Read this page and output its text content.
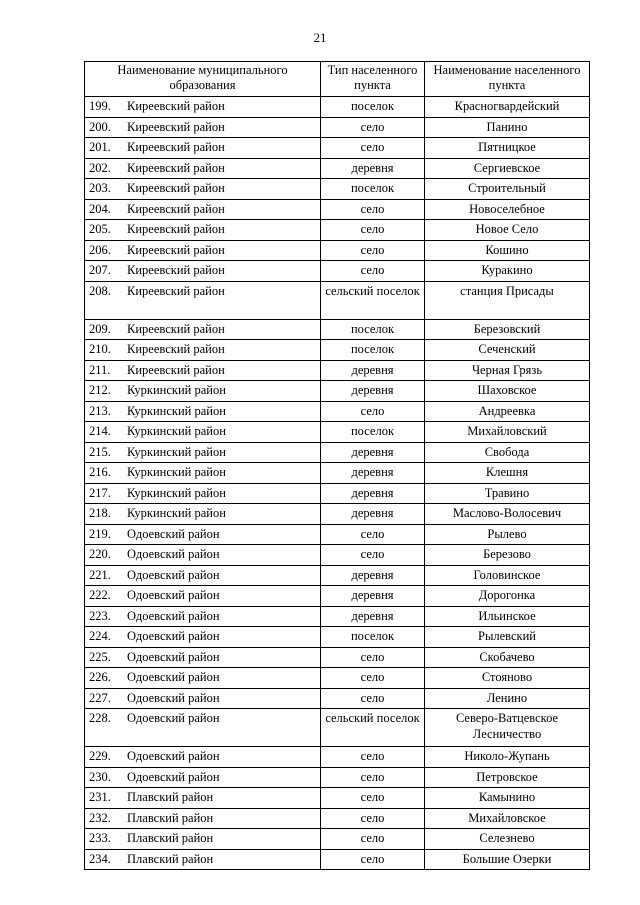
21
Наименование муниципального образования	Тип населенного пункта	Наименование населенного пункта
199. Киреевский район	поселок	Красногвардейский
200. Киреевский район	село	Панино
201. Киреевский район	село	Пятницкое
202. Киреевский район	деревня	Сергиевское
203. Киреевский район	поселок	Строительный
204. Киреевский район	село	Новоселебное
205. Киреевский район	село	Новое Село
206. Киреевский район	село	Кошино
207. Киреевский район	село	Куракино
208. Киреевский район	сельский поселок	станция Присады
209. Киреевский район	поселок	Березовский
210. Киреевский район	поселок	Сеченский
211. Киреевский район	деревня	Черная Грязь
212. Куркинский район	деревня	Шаховское
213. Куркинский район	село	Андреевка
214. Куркинский район	поселок	Михайловский
215. Куркинский район	деревня	Свобода
216. Куркинский район	деревня	Клешня
217. Куркинский район	деревня	Травино
218. Куркинский район	деревня	Маслово-Волосевич
219. Одоевский район	село	Рылево
220. Одоевский район	село	Березово
221. Одоевский район	деревня	Головинское
222. Одоевский район	деревня	Дорогонка
223. Одоевский район	деревня	Ильинское
224. Одоевский район	поселок	Рылевский
225. Одоевский район	село	Скобачево
226. Одоевский район	село	Стояново
227. Одоевский район	село	Ленино
228. Одоевский район	сельский поселок	Северо-Ватцевское Лесничество
229. Одоевский район	село	Николо-Жупань
230. Одоевский район	село	Петровское
231. Плавский район	село	Камынино
232. Плавский район	село	Михайловское
233. Плавский район	село	Селезнево
234. Плавский район	село	Большие Озерки
